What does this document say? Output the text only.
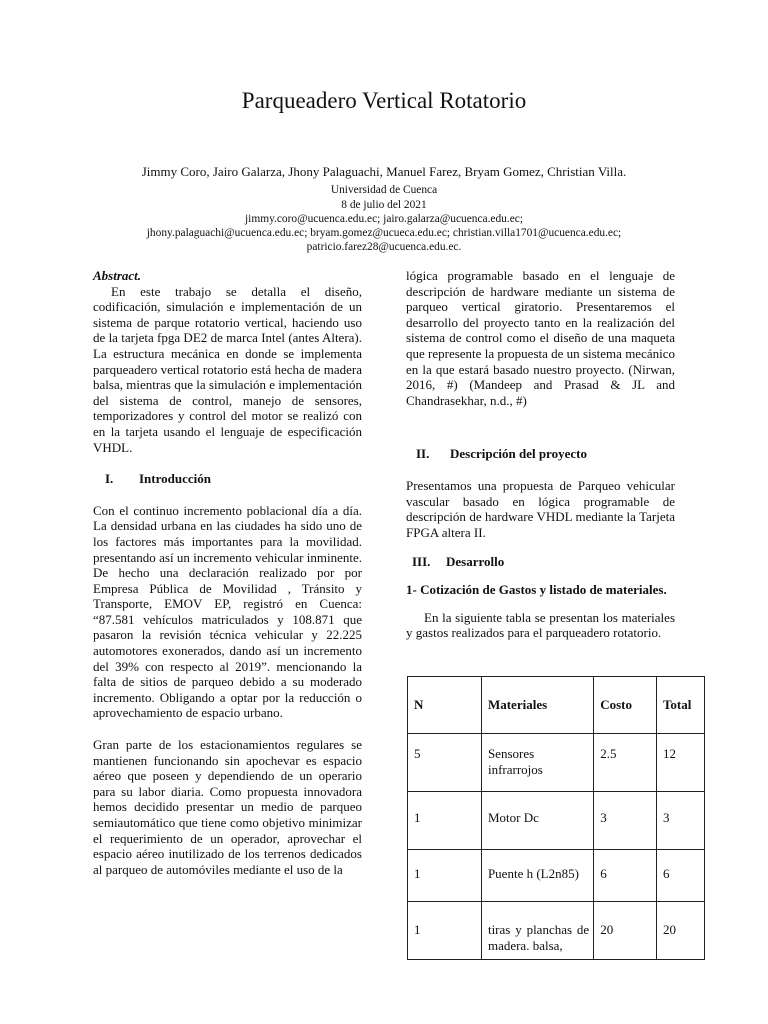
Parqueadero Vertical Rotatorio
Jimmy Coro, Jairo Galarza, Jhony Palaguachi, Manuel Farez, Bryam Gomez, Christian Villa.
Universidad de Cuenca
8 de julio del 2021
jimmy.coro@ucuenca.edu.ec; jairo.galarza@ucuenca.edu.ec;
jhony.palaguachi@ucuenca.edu.ec; bryam.gomez@ucueca.edu.ec; christian.villa1701@ucuenca.edu.ec;
patricio.farez28@ucuenca.edu.ec.

Abstract.

En este trabajo se detalla el diseño, codificación, simulación e implementación de un sistema de parque rotatorio vertical, haciendo uso de la tarjeta fpga DE2 de marca Intel (antes Altera). La estructura mecánica en donde se implementa parqueadero vertical rotatorio está hecha de madera balsa, mientras que la simulación e implementación del sistema de control, manejo de sensores, temporizadores y control del motor se realizó con en la tarjeta usando el lenguaje de especificación VHDL.

I. Introducción

Con el continuo incremento poblacional día a día. La densidad urbana en las ciudades ha sido uno de los factores más importantes para la movilidad. presentando así un incremento vehicular inminente. De hecho una declaración realizado por por Empresa Pública de Movilidad , Tránsito y Transporte, EMOV EP, registró en Cuenca: “87.581 vehículos matriculados y 108.871 que pasaron la revisión técnica vehicular y 22.225 automotores exonerados, dando así un incremento del 39% con respecto al 2019”. mencionando la falta de sitios de parqueo debido a su moderado incremento. Obligando a optar por la reducción o aprovechamiento de espacio urbano.

Gran parte de los estacionamientos regulares se mantienen funcionando sin apochevar es espacio aéreo que poseen y dependiendo de un operario para su labor diaria. Como propuesta innovadora hemos decidido presentar un medio de parqueo semiautomático que tiene como objetivo minimizar el requerimiento de un operador, aprovechar el espacio aéreo inutilizado de los terrenos dedicados al parqueo de automóviles mediante el uso de la

lógica programable basado en el lenguaje de descripción de hardware mediante un sistema de parqueo vertical giratorio. Presentaremos el desarrollo del proyecto tanto en la realización del sistema de control como el diseño de una maqueta que represente la propuesta de un sistema mecánico en la que estará basado nuestro proyecto. (Nirwan, 2016, #) (Mandeep and Prasad & JL and Chandrasekhar, n.d., #)

II. Descripción del proyecto

Presentamos una propuesta de Parqueo vehicular vascular basado en lógica programable de descripción de hardware VHDL mediante la Tarjeta FPGA altera II.

III. Desarrollo

1- Cotización de Gastos y listado de materiales.

En la siguiente tabla se presentan los materiales y gastos realizados para el parqueadero rotatorio.

N	Materiales	Costo	Total

5	Sensores infrarrojos	2.5	12

1	Motor Dc	3	3

1	Puente h (L2n85)	6	6

1	tiras y planchas de madera. balsa,	20	20
